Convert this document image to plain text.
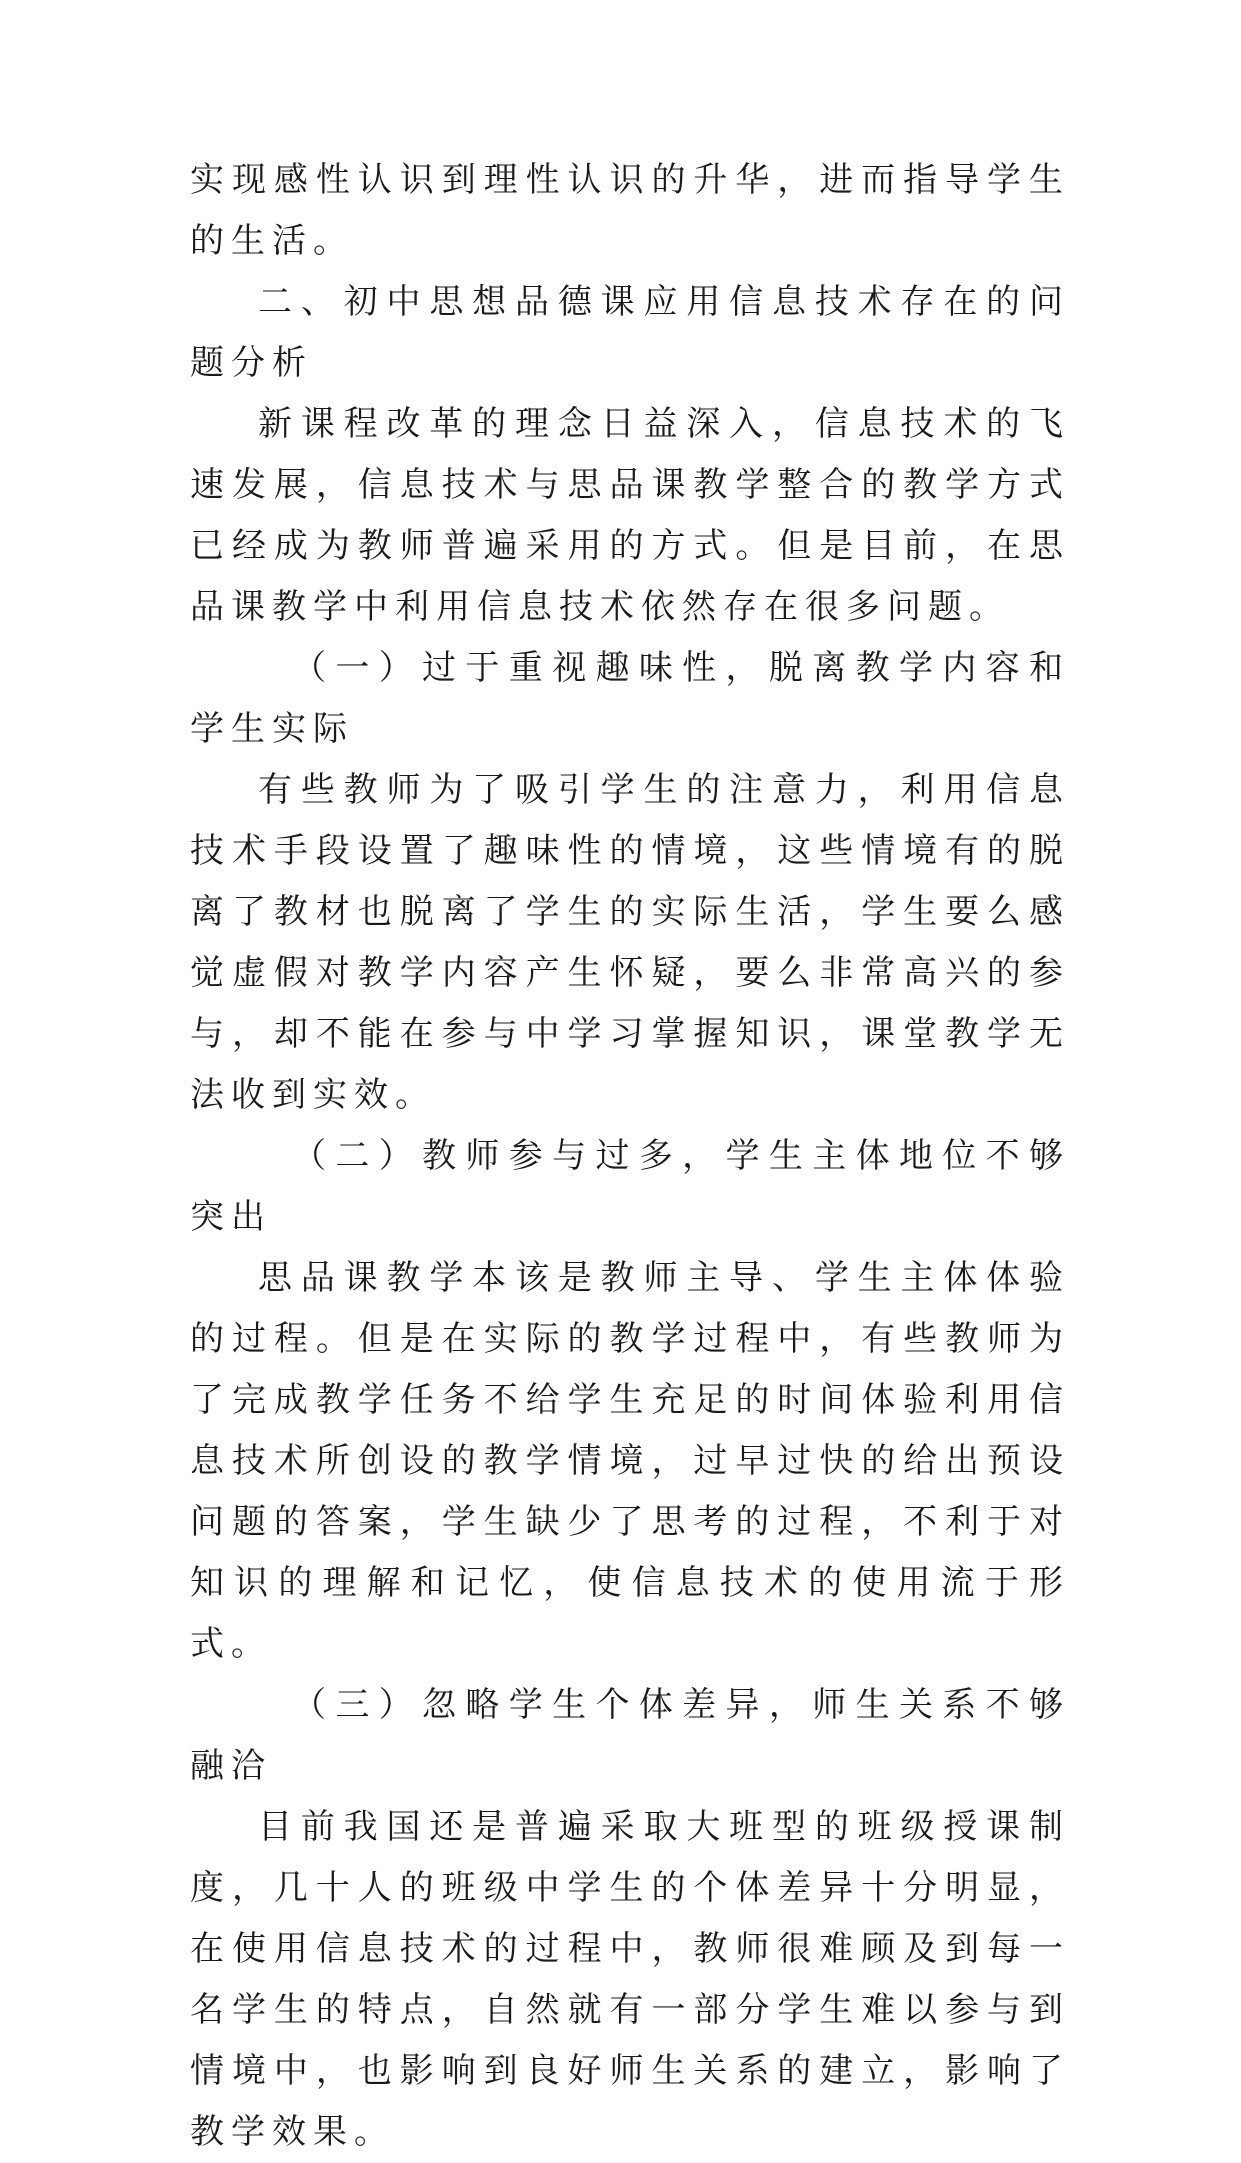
实现感性认识到理性认识的升华，进而指导学生的生活。

二、初中思想品德课应用信息技术存在的问题分析

新课程改革的理念日益深入，信息技术的飞速发展，信息技术与思品课教学整合的教学方式已经成为教师普遍采用的方式。但是目前，在思品课教学中利用信息技术依然存在很多问题。

（一）过于重视趣味性，脱离教学内容和学生实际

有些教师为了吸引学生的注意力，利用信息技术手段设置了趣味性的情境，这些情境有的脱离了教材也脱离了学生的实际生活，学生要么感觉虚假对教学内容产生怀疑，要么非常高兴的参与，却不能在参与中学习掌握知识，课堂教学无法收到实效。

（二）教师参与过多，学生主体地位不够突出

思品课教学本该是教师主导、学生主体体验的过程。但是在实际的教学过程中，有些教师为了完成教学任务不给学生充足的时间体验利用信息技术所创设的教学情境，过早过快的给出预设问题的答案，学生缺少了思考的过程，不利于对知识的理解和记忆，使信息技术的使用流于形式。

（三）忽略学生个体差异，师生关系不够融洽

目前我国还是普遍采取大班型的班级授课制度，几十人的班级中学生的个体差异十分明显，在使用信息技术的过程中，教师很难顾及到每一名学生的特点，自然就有一部分学生难以参与到情境中，也影响到良好师生关系的建立，影响了教学效果。
